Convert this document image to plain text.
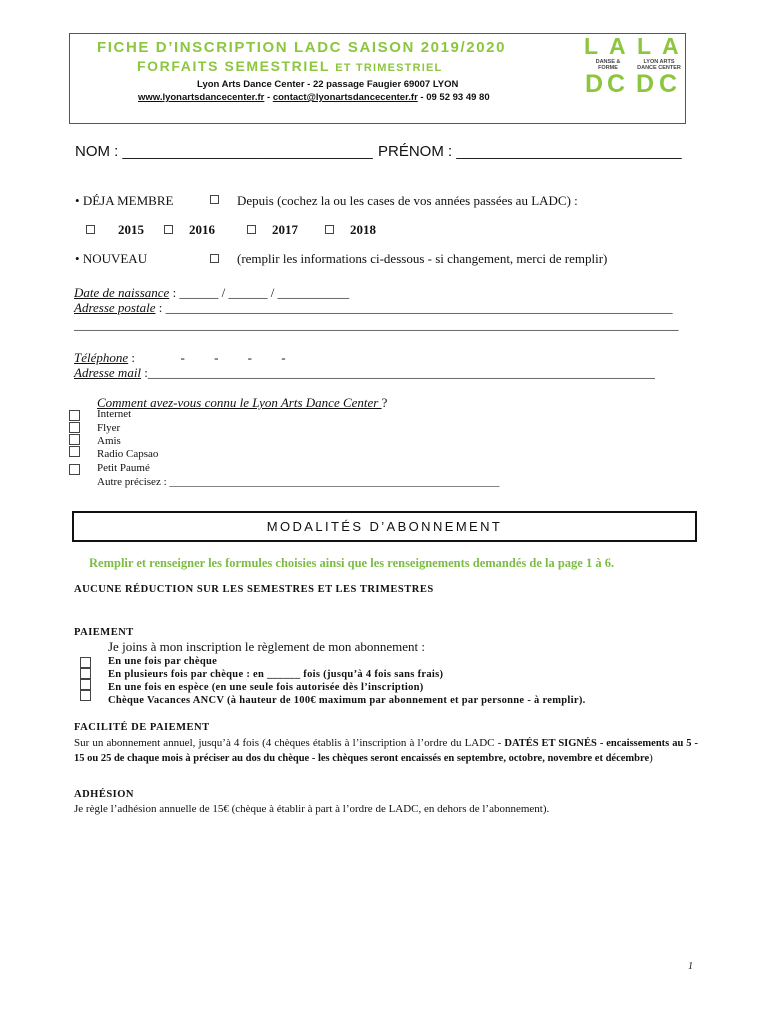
FICHE D’INSCRIPTION LADC SAISON 2019/2020
FORFAITS SEMESTRIEL ET TRIMESTRIEL
Lyon Arts Dance Center - 22 passage Faugier 69007 LYON
www.lyonartsdancecenter.fr - contact@lyonartsdancecenter.fr - 09 52 93 49 80
L A L A
DANSE &
FORME
LYON ARTS
DANCE CENTER
D C D C
NOM : ______________________________ PRÉNOM : ___________________________
• DÉJA MEMBRE	Depuis (cochez la ou les cases de vos années passées au LADC) :
2015	2016	2017	2018
• NOUVEAU	(remplir les informations ci-dessous - si changement, merci de remplir)
Date de naissance : ______ / ______ / ___________
Adresse postale : ______________________________________________________________________________
_____________________________________________________________________________________________
Téléphone :              -         -         -         -
Adresse mail :______________________________________________________________________________
Comment avez-vous connu le Lyon Arts Dance Center ?
Internet
Flyer
Amis
Radio Capsao
Petit Paumé
Autre précisez : ____________________________________________________________
MODALITÉS D’ABONNEMENT
Remplir et renseigner les formules choisies ainsi que les renseignements demandés de la page 1 à 6.
AUCUNE RÉDUCTION SUR LES SEMESTRES ET LES TRIMESTRES
PAIEMENT
Je joins à mon inscription le règlement de mon abonnement :
En une fois par chèque
En plusieurs fois par chèque : en ______ fois (jusqu’à 4 fois sans frais)
En une fois en espèce (en une seule fois autorisée dès l’inscription)
Chèque Vacances ANCV (à hauteur de 100€ maximum par abonnement et par personne - à remplir).
FACILITÉ DE PAIEMENT
Sur un abonnement annuel, jusqu’à 4 fois (4 chèques établis à l’inscription à l’ordre du LADC - DATÉS ET SIGNÉS - encaissements au 5 - 15 ou 25 de chaque mois à préciser au dos du chèque - les chèques seront encaissés en septembre, octobre, novembre et décembre)
ADHÉSION
Je règle l’adhésion annuelle de 15€ (chèque à établir à part à l’ordre de LADC, en dehors de l’abonnement).
1
